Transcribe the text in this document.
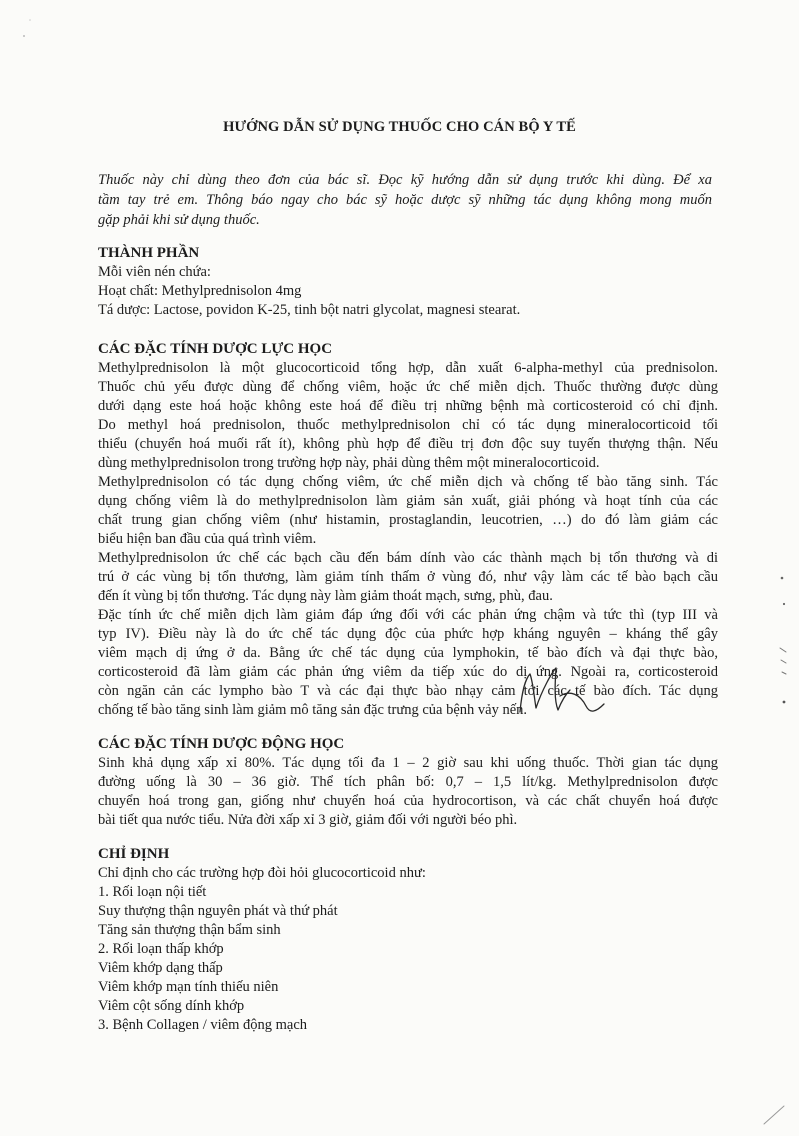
HƯỚNG DẪN SỬ DỤNG THUỐC CHO CÁN BỘ Y TẾ
Thuốc này chỉ dùng theo đơn của bác sĩ. Đọc kỹ hướng dẫn sử dụng trước khi dùng. Để xa
tầm tay trẻ em. Thông báo ngay cho bác sỹ hoặc dược sỹ những tác dụng không mong muốn
gặp phải khi sử dụng thuốc.
THÀNH PHẦN
Mỗi viên nén chứa:
Hoạt chất: Methylprednisolon 4mg
Tá dược: Lactose, povidon K-25, tinh bột natri glycolat, magnesi stearat.
CÁC ĐẶC TÍNH DƯỢC LỰC HỌC
Methylprednisolon là một glucocorticoid tổng hợp, dẫn xuất 6-alpha-methyl của prednisolon.
Thuốc chủ yếu được dùng để chống viêm, hoặc ức chế miễn dịch. Thuốc thường được dùng
dưới dạng este hoá hoặc không este hoá để điều trị những bệnh mà corticosteroid có chỉ định.
Do methyl hoá prednisolon, thuốc methylprednisolon chỉ có tác dụng mineralocorticoid tối
thiểu (chuyển hoá muối rất ít), không phù hợp để điều trị đơn độc suy tuyến thượng thận. Nếu
dùng methylprednisolon trong trường hợp này, phải dùng thêm một mineralocorticoid.
Methylprednisolon có tác dụng chống viêm, ức chế miễn dịch và chống tế bào tăng sinh. Tác
dụng chống viêm là do methylprednisolon làm giảm sản xuất, giải phóng và hoạt tính của các
chất trung gian chống viêm (như histamin, prostaglandin, leucotrien, …) do đó làm giảm các
biểu hiện ban đầu của quá trình viêm.
Methylprednisolon ức chế các bạch cầu đến bám dính vào các thành mạch bị tổn thương và di
trú ở các vùng bị tổn thương, làm giảm tính thấm ở vùng đó, như vậy làm các tế bào bạch cầu
đến ít vùng bị tổn thương. Tác dụng này làm giảm thoát mạch, sưng, phù, đau.
Đặc tính ức chế miễn dịch làm giảm đáp ứng đối với các phản ứng chậm và tức thì (typ III và
typ IV). Điều này là do ức chế tác dụng độc của phức hợp kháng nguyên – kháng thể gây
viêm mạch dị ứng ở da. Bằng ức chế tác dụng của lymphokin, tế bào đích và đại thực bào,
corticosteroid đã làm giảm các phản ứng viêm da tiếp xúc do dị ứng. Ngoài ra, corticosteroid
còn ngăn cản các lympho bào T và các đại thực bào nhạy cảm tới các tế bào đích. Tác dụng
chống tế bào tăng sinh làm giảm mô tăng sản đặc trưng của bệnh vảy nến.
CÁC ĐẶC TÍNH DƯỢC ĐỘNG HỌC
Sinh khả dụng xấp xỉ 80%. Tác dụng tối đa 1 – 2 giờ sau khi uống thuốc. Thời gian tác dụng
đường uống là 30 – 36 giờ. Thể tích phân bố: 0,7 – 1,5 lít/kg. Methylprednisolon được
chuyển hoá trong gan, giống như chuyển hoá của hydrocortison, và các chất chuyển hoá được
bài tiết qua nước tiểu. Nửa đời xấp xỉ 3 giờ, giảm đối với người béo phì.
CHỈ ĐỊNH
Chỉ định cho các trường hợp đòi hỏi glucocorticoid như:
1. Rối loạn nội tiết
Suy thượng thận nguyên phát và thứ phát
Tăng sản thượng thận bẩm sinh
2. Rối loạn thấp khớp
Viêm khớp dạng thấp
Viêm khớp mạn tính thiếu niên
Viêm cột sống dính khớp
3. Bệnh Collagen / viêm động mạch
